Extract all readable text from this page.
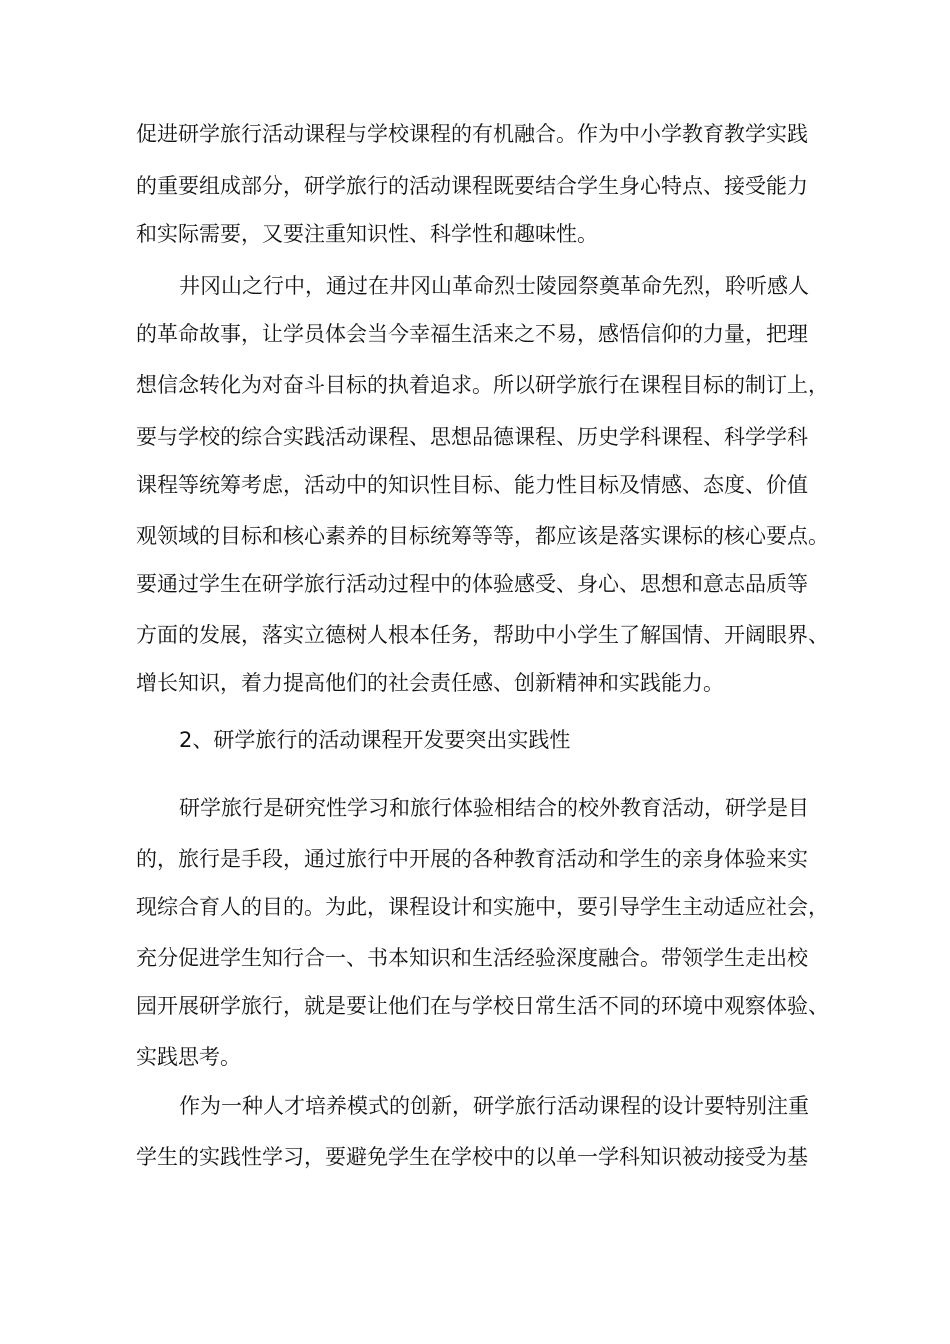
促进研学旅行活动课程与学校课程的有机融合。作为中小学教育教学实践
的重要组成部分，研学旅行的活动课程既要结合学生身心特点、接受能力
和实际需要，又要注重知识性、科学性和趣味性。
井冈山之行中，通过在井冈山革命烈士陵园祭奠革命先烈，聆听感人
的革命故事，让学员体会当今幸福生活来之不易，感悟信仰的力量，把理
想信念转化为对奋斗目标的执着追求。所以研学旅行在课程目标的制订上，
要与学校的综合实践活动课程、思想品德课程、历史学科课程、科学学科
课程等统筹考虑，活动中的知识性目标、能力性目标及情感、态度、价值
观领域的目标和核心素养的目标统筹等等，都应该是落实课标的核心要点。
要通过学生在研学旅行活动过程中的体验感受、身心、思想和意志品质等
方面的发展，落实立德树人根本任务，帮助中小学生了解国情、开阔眼界、
增长知识，着力提高他们的社会责任感、创新精神和实践能力。
2、研学旅行的活动课程开发要突出实践性
研学旅行是研究性学习和旅行体验相结合的校外教育活动，研学是目
的，旅行是手段，通过旅行中开展的各种教育活动和学生的亲身体验来实
现综合育人的目的。为此，课程设计和实施中，要引导学生主动适应社会，
充分促进学生知行合一、书本知识和生活经验深度融合。带领学生走出校
园开展研学旅行，就是要让他们在与学校日常生活不同的环境中观察体验、
实践思考。
作为一种人才培养模式的创新，研学旅行活动课程的设计要特别注重
学生的实践性学习，要避免学生在学校中的以单一学科知识被动接受为基
